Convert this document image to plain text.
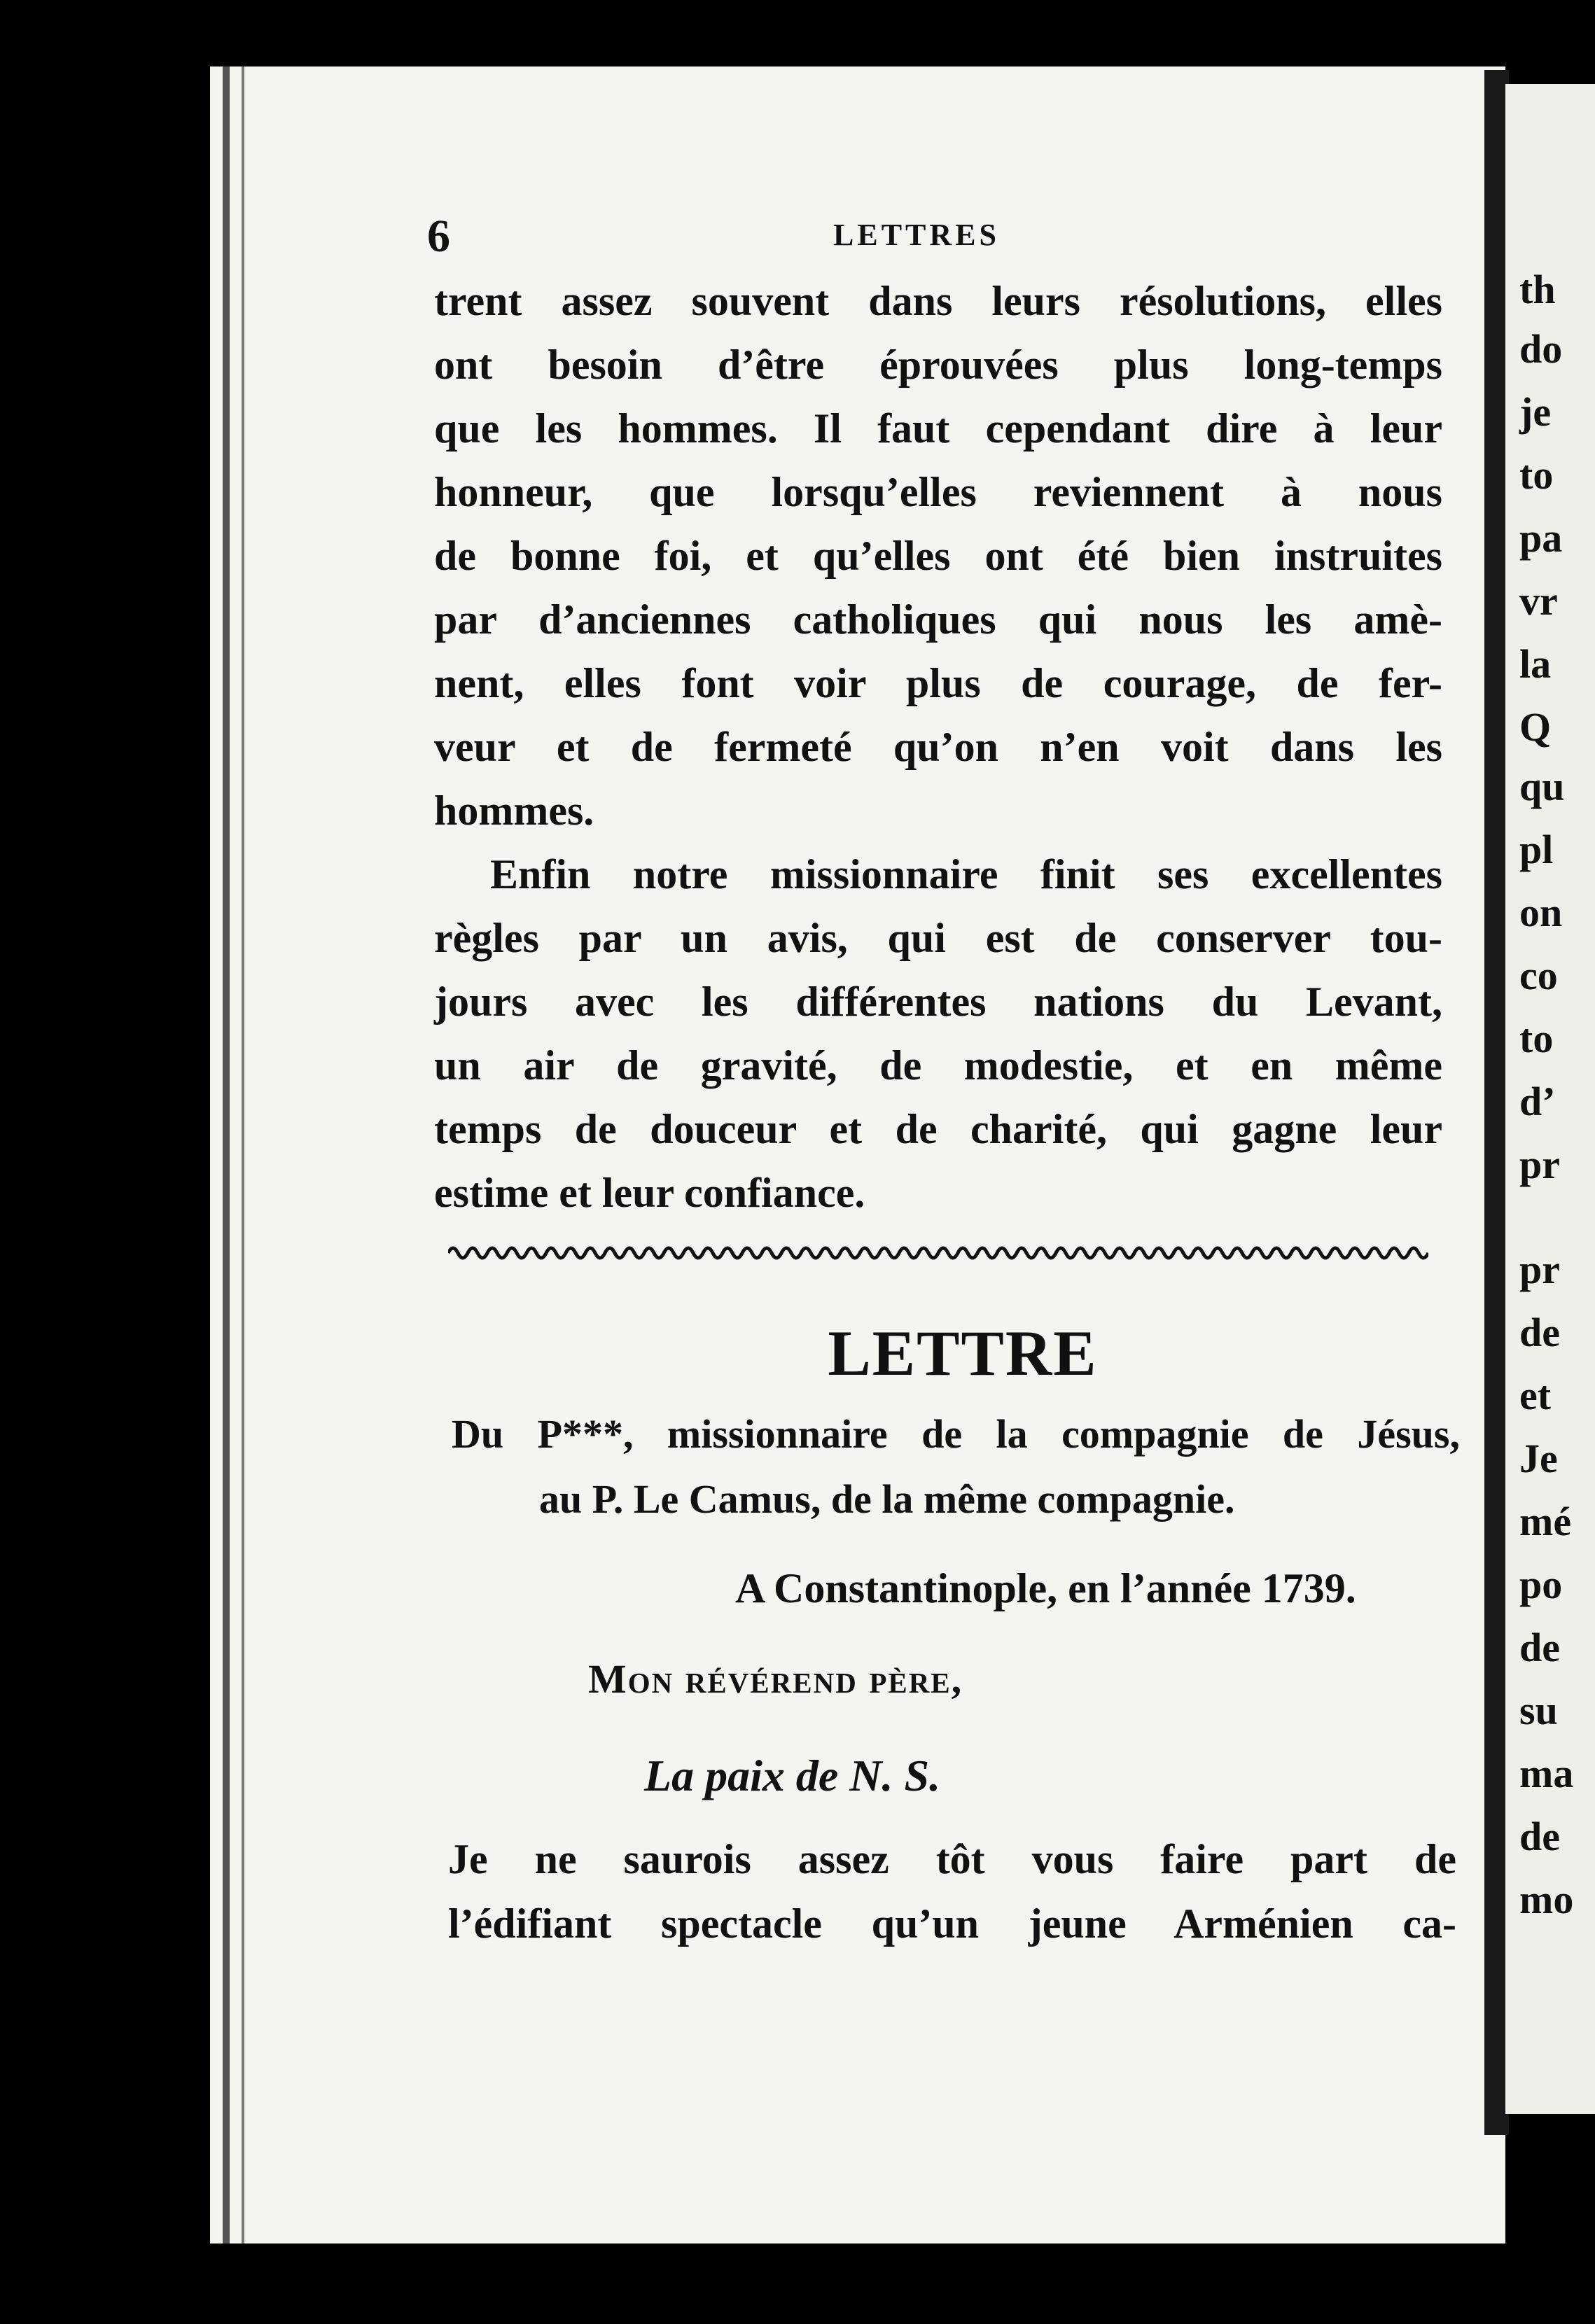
th
do
je
to
pa
vr
la
Q
qu
pl
on
co
to
d’
pr
pr
de
et
Je
mé
po
de
su
ma
de
mo
6	LETTRES
trent assez souvent dans leurs résolutions, elles
ont besoin d’être éprouvées plus long-temps
que les hommes. Il faut cependant dire à leur
honneur, que lorsqu’elles reviennent à nous
de bonne foi, et qu’elles ont été bien instruites
par d’anciennes catholiques qui nous les amè-
nent, elles font voir plus de courage, de fer-
veur et de fermeté qu’on n’en voit dans les
hommes.
Enfin notre missionnaire finit ses excellentes
règles par un avis, qui est de conserver tou-
jours avec les différentes nations du Levant,
un air de gravité, de modestie, et en même
temps de douceur et de charité, qui gagne leur
estime et leur confiance.
LETTRE
Du P***, missionnaire de la compagnie de Jésus,
au P. Le Camus, de la même compagnie.
A Constantinople, en l’année 1739.
Mon révérend père,
La paix de N. S.
Je ne saurois assez tôt vous faire part de
l’édifiant spectacle qu’un jeune Arménien ca-
